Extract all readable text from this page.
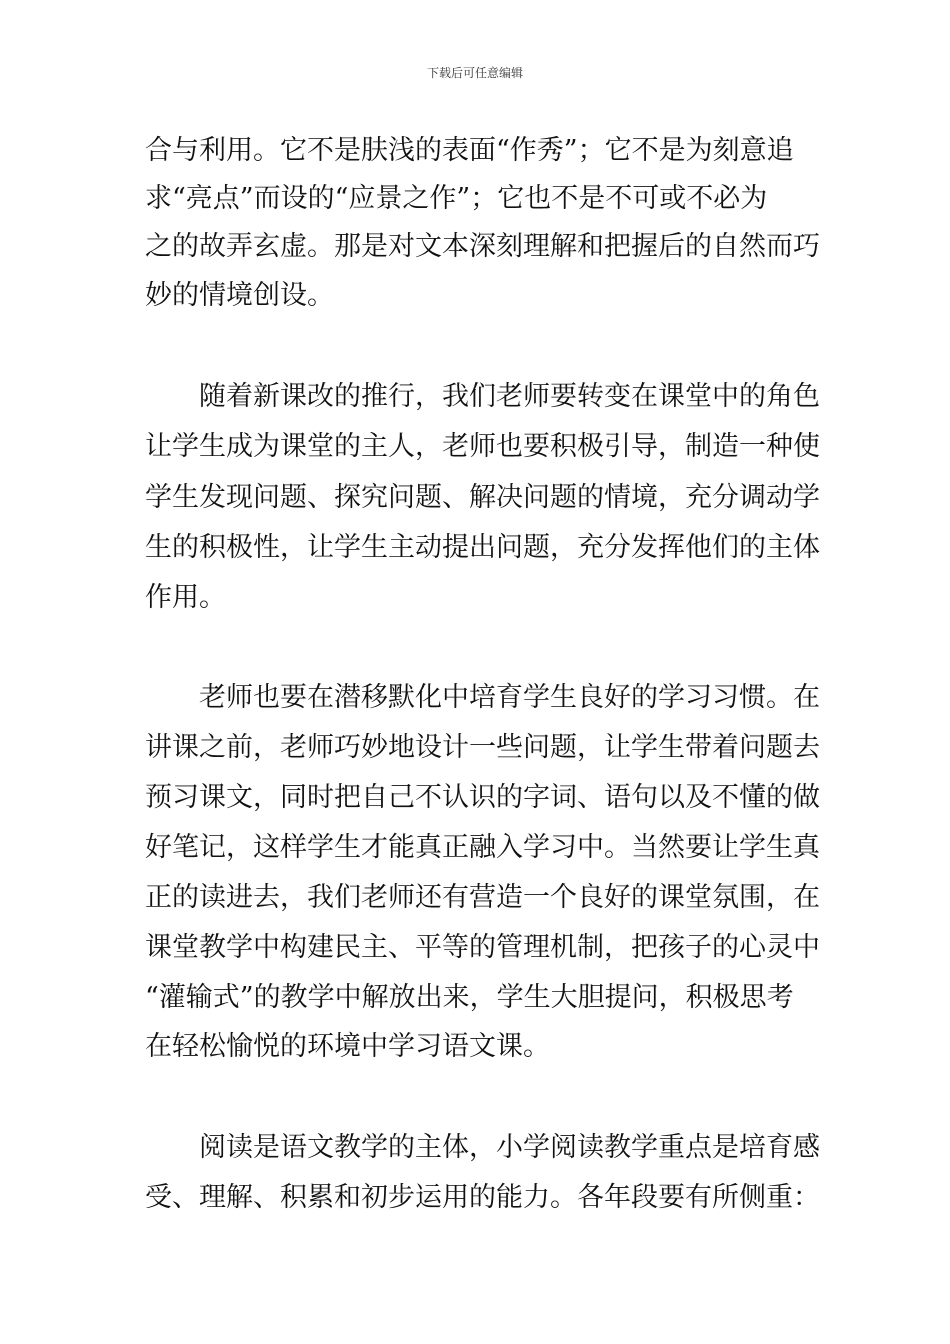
下载后可任意编辑
合与利用。它不是肤浅的表面“作秀”；它不是为刻意追
求“亮点”而设的“应景之作”；它也不是不可或不必为
之的故弄玄虚。那是对文本深刻理解和把握后的自然而巧
妙的情境创设。
随着新课改的推行，我们老师要转变在课堂中的角色
让学生成为课堂的主人，老师也要积极引导，制造一种使
学生发现问题、探究问题、解决问题的情境，充分调动学
生的积极性，让学生主动提出问题，充分发挥他们的主体
作用。
老师也要在潜移默化中培育学生良好的学习习惯。在
讲课之前，老师巧妙地设计一些问题，让学生带着问题去
预习课文，同时把自己不认识的字词、语句以及不懂的做
好笔记，这样学生才能真正融入学习中。当然要让学生真
正的读进去，我们老师还有营造一个良好的课堂氛围，在
课堂教学中构建民主、平等的管理机制，把孩子的心灵中
“灌输式”的教学中解放出来，学生大胆提问，积极思考
在轻松愉悦的环境中学习语文课。
阅读是语文教学的主体，小学阅读教学重点是培育感
受、理解、积累和初步运用的能力。各年段要有所侧重：
